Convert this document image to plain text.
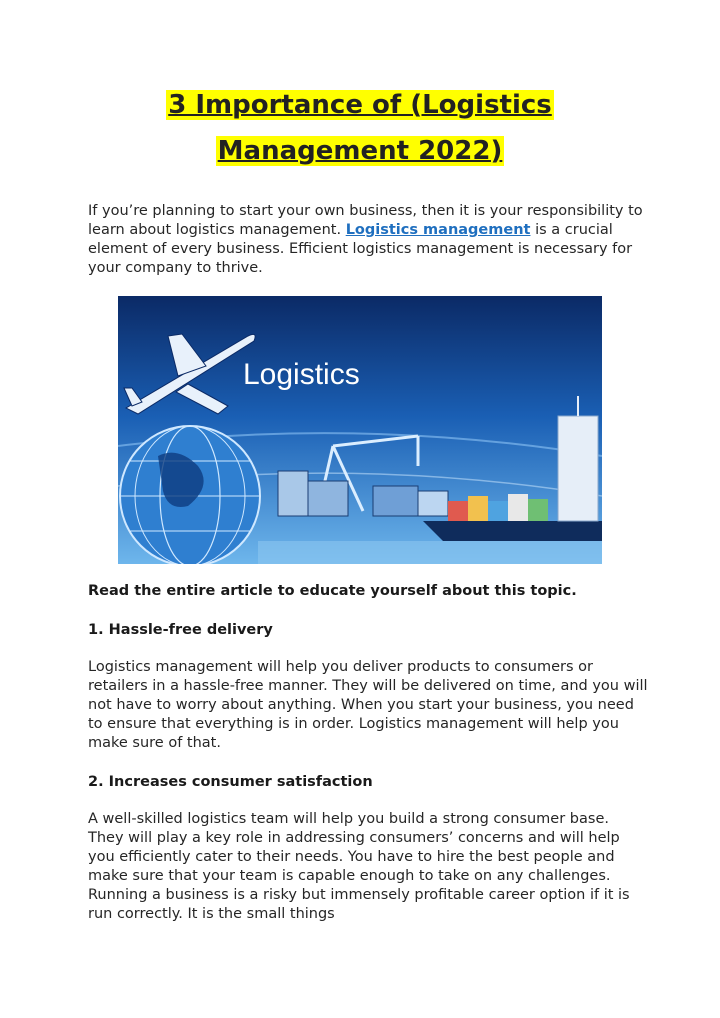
3 Importance of (Logistics
Management 2022)

If you’re planning to start your own business, then it is your responsibility to learn about logistics management. Logistics management is a crucial element of every business. Efficient logistics management is necessary for your company to thrive.

Logistics

Read the entire article to educate yourself about this topic.

1. Hassle-free delivery

Logistics management will help you deliver products to consumers or retailers in a hassle-free manner. They will be delivered on time, and you will not have to worry about anything. When you start your business, you need to ensure that everything is in order. Logistics management will help you make sure of that.

2. Increases consumer satisfaction

A well-skilled logistics team will help you build a strong consumer base. They will play a key role in addressing consumers’ concerns and will help you efficiently cater to their needs. You have to hire the best people and make sure that your team is capable enough to take on any challenges. Running a business is a risky but immensely profitable career option if it is run correctly. It is the small things
